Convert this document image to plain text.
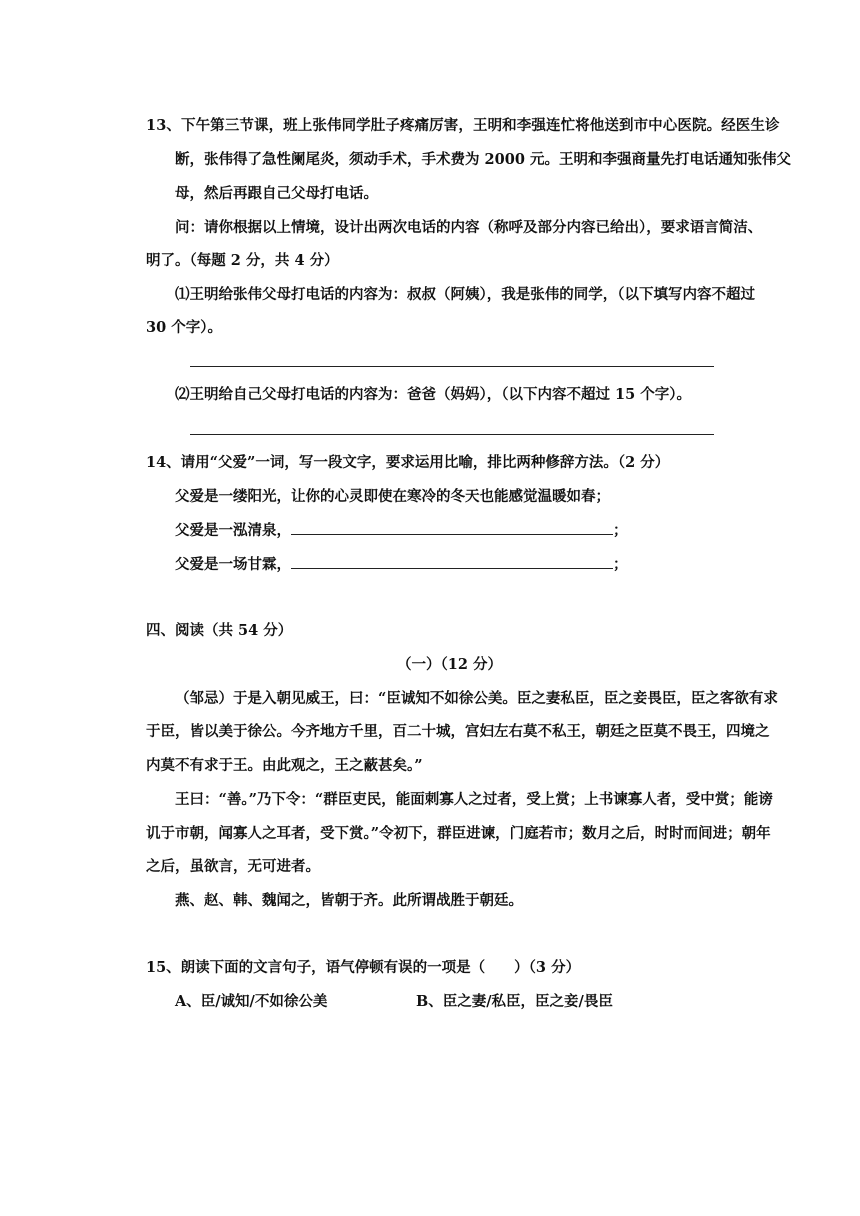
13、下午第三节课，班上张伟同学肚子疼痛厉害，王明和李强连忙将他送到市中心医院。经医生诊
断，张伟得了急性阑尾炎，须动手术，手术费为 2000 元。王明和李强商量先打电话通知张伟父
母，然后再跟自己父母打电话。
问：请你根据以上情境，设计出两次电话的内容（称呼及部分内容已给出），要求语言简洁、
明了。（每题 2 分，共 4 分）
⑴王明给张伟父母打电话的内容为：叔叔（阿姨），我是张伟的同学，（以下填写内容不超过
30 个字）。
⑵王明给自己父母打电话的内容为：爸爸（妈妈），（以下内容不超过 15 个字）。
14、请用“父爱”一词，写一段文字，要求运用比喻，排比两种修辞方法。（2 分）
父爱是一缕阳光，让你的心灵即使在寒冷的冬天也能感觉温暖如春；
父爱是一泓清泉，	；
父爱是一场甘霖，	；
四、阅读（共 54 分）
（一）（12 分）
（邹忌）于是入朝见威王，曰：“臣诚知不如徐公美。臣之妻私臣，臣之妾畏臣，臣之客欲有求
于臣，皆以美于徐公。今齐地方千里，百二十城，宫妇左右莫不私王，朝廷之臣莫不畏王，四境之
内莫不有求于王。由此观之，王之蔽甚矣。”
王曰：“善。”乃下令：“群臣吏民，能面刺寡人之过者，受上赏；上书谏寡人者，受中赏；能谤
讥于市朝，闻寡人之耳者，受下赏。”令初下，群臣进谏，门庭若市；数月之后，时时而间进；朝年
之后，虽欲言，无可进者。
燕、赵、韩、魏闻之，皆朝于齐。此所谓战胜于朝廷。
15、朗读下面的文言句子，语气停顿有误的一项是（　　）（3 分）
A、臣/诚知/不如徐公美	B、臣之妻/私臣，臣之妾/畏臣
